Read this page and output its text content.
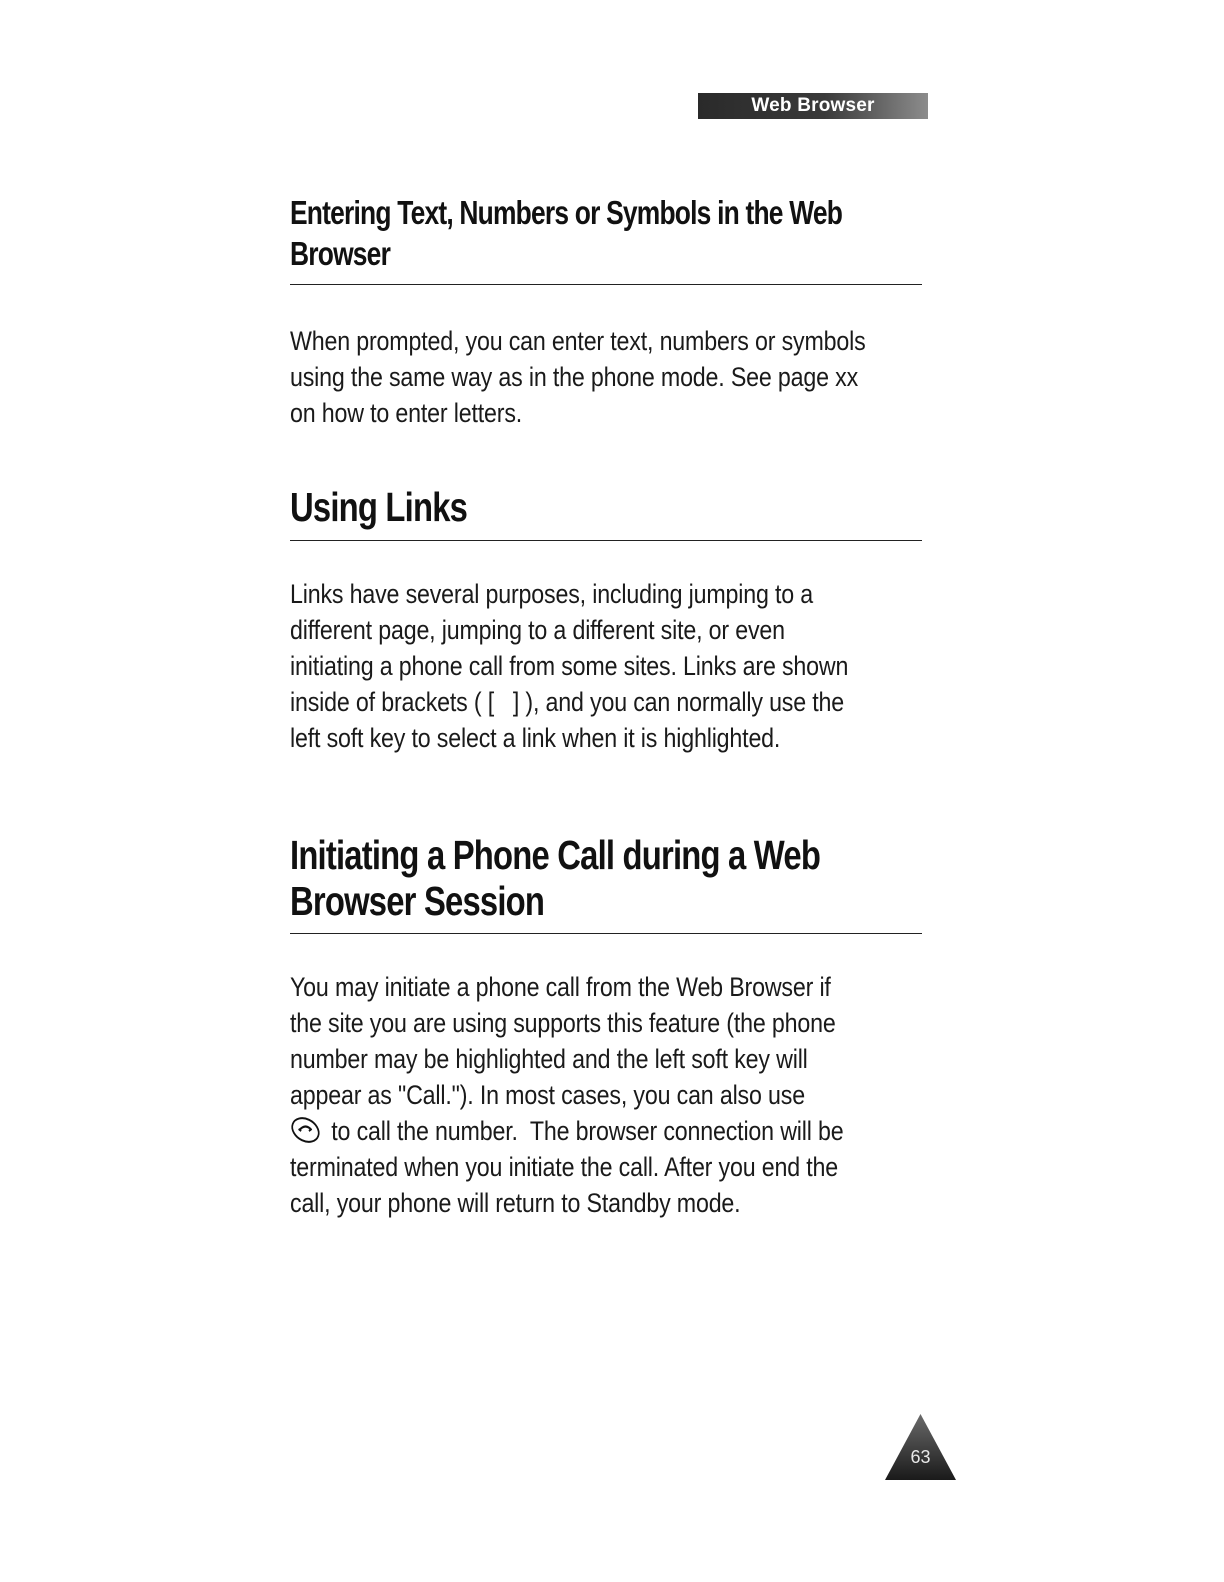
Web Browser
Entering Text, Numbers or Symbols in the Web
Browser

When prompted, you can enter text, numbers or symbols
using the same way as in the phone mode. See page xx
on how to enter letters.

Using Links

Links have several purposes, including jumping to a
different page, jumping to a different site, or even
initiating a phone call from some sites. Links are shown
inside of brackets ( [   ] ), and you can normally use the
left soft key to select a link when it is highlighted.

Initiating a Phone Call during a Web
Browser Session

You may initiate a phone call from the Web Browser if
the site you are using supports this feature (the phone
number may be highlighted and the left soft key will
appear as "Call."). In most cases, you can also use
to call the number.  The browser connection will be
terminated when you initiate the call. After you end the
call, your phone will return to Standby mode.

63
